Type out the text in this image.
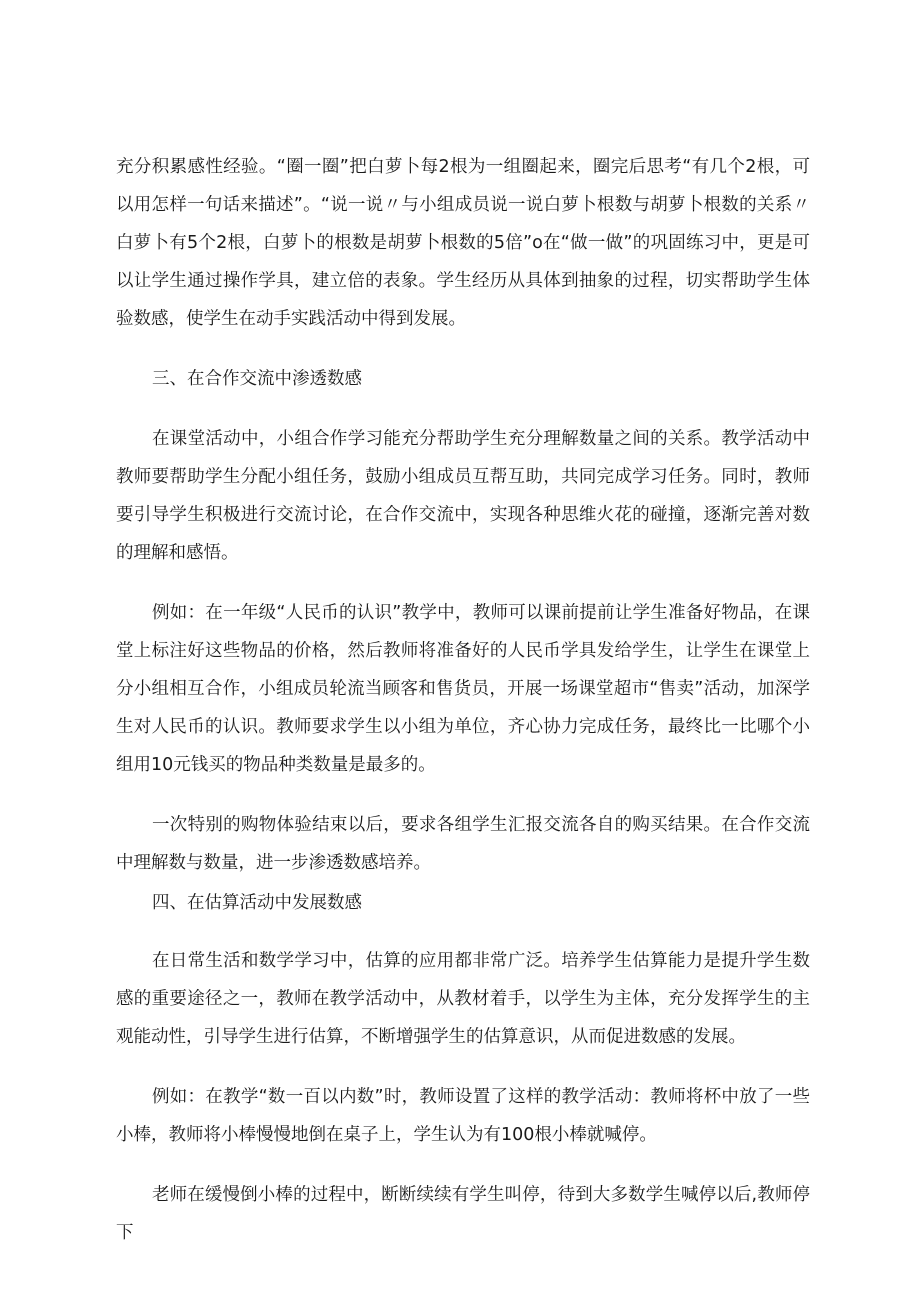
充分积累感性经验。“圈一圈”把白萝卜每2根为一组圈起来，圈完后思考“有几个2根，可以用怎样一句话来描述”。“说一说〃与小组成员说一说白萝卜根数与胡萝卜根数的关系〃白萝卜有5个2根，白萝卜的根数是胡萝卜根数的5倍”o在“做一做”的巩固练习中，更是可以让学生通过操作学具，建立倍的表象。学生经历从具体到抽象的过程，切实帮助学生体验数感，使学生在动手实践活动中得到发展。

三、在合作交流中渗透数感

在课堂活动中，小组合作学习能充分帮助学生充分理解数量之间的关系。教学活动中教师要帮助学生分配小组任务，鼓励小组成员互帮互助，共同完成学习任务。同时，教师要引导学生积极进行交流讨论，在合作交流中，实现各种思维火花的碰撞，逐渐完善对数的理解和感悟。

例如：在一年级“人民币的认识”教学中，教师可以课前提前让学生准备好物品，在课堂上标注好这些物品的价格，然后教师将准备好的人民币学具发给学生，让学生在课堂上分小组相互合作，小组成员轮流当顾客和售货员，开展一场课堂超市“售卖”活动，加深学生对人民币的认识。教师要求学生以小组为单位，齐心协力完成任务，最终比一比哪个小组用10元钱买的物品种类数量是最多的。

一次特别的购物体验结束以后，要求各组学生汇报交流各自的购买结果。在合作交流中理解数与数量，进一步渗透数感培养。

四、在估算活动中发展数感

在日常生活和数学学习中，估算的应用都非常广泛。培养学生估算能力是提升学生数感的重要途径之一，教师在教学活动中，从教材着手，以学生为主体，充分发挥学生的主观能动性，引导学生进行估算，不断增强学生的估算意识，从而促进数感的发展。

例如：在教学“数一百以内数”时，教师设置了这样的教学活动：教师将杯中放了一些小棒，教师将小棒慢慢地倒在桌子上，学生认为有100根小棒就喊停。

老师在缓慢倒小棒的过程中，断断续续有学生叫停，待到大多数学生喊停以后,教师停下
